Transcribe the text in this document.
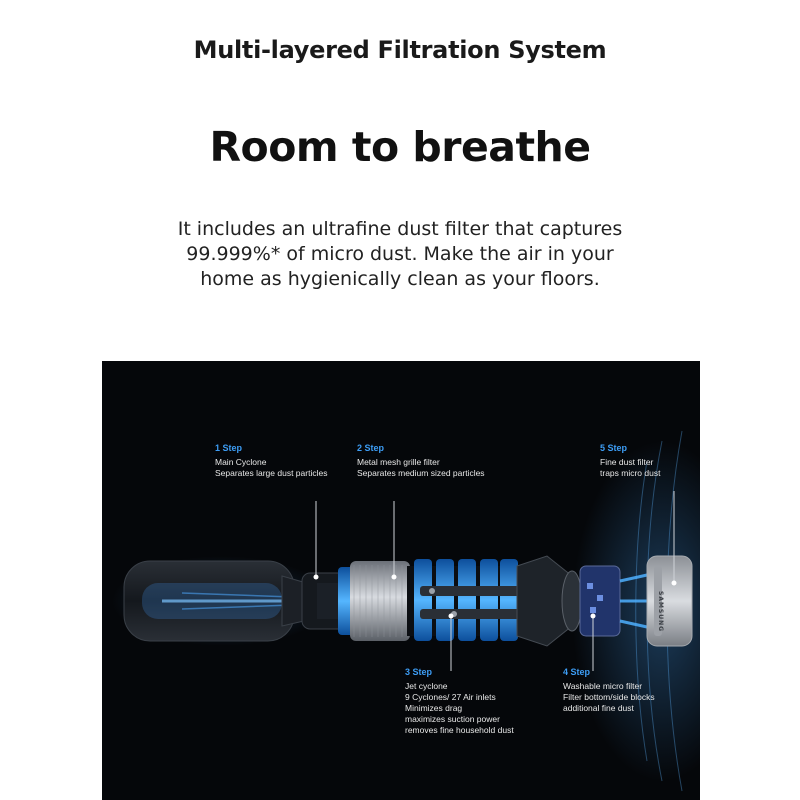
Multi-layered Filtration System
Room to breathe
It includes an ultrafine dust filter that captures
99.999%* of micro dust. Make the air in your
home as hygienically clean as your floors.
SAMSUNG
1 Step
Main Cyclone
Separates large dust particles
2 Step
Metal mesh grille filter
Separates medium sized particles
5 Step
Fine dust filter
traps micro dust
3 Step
Jet cyclone
9 Cyclones/ 27 Air inlets
Minimizes drag
maximizes suction power
removes fine household dust
4 Step
Washable micro filter
Filter bottom/side blocks
additional fine dust
